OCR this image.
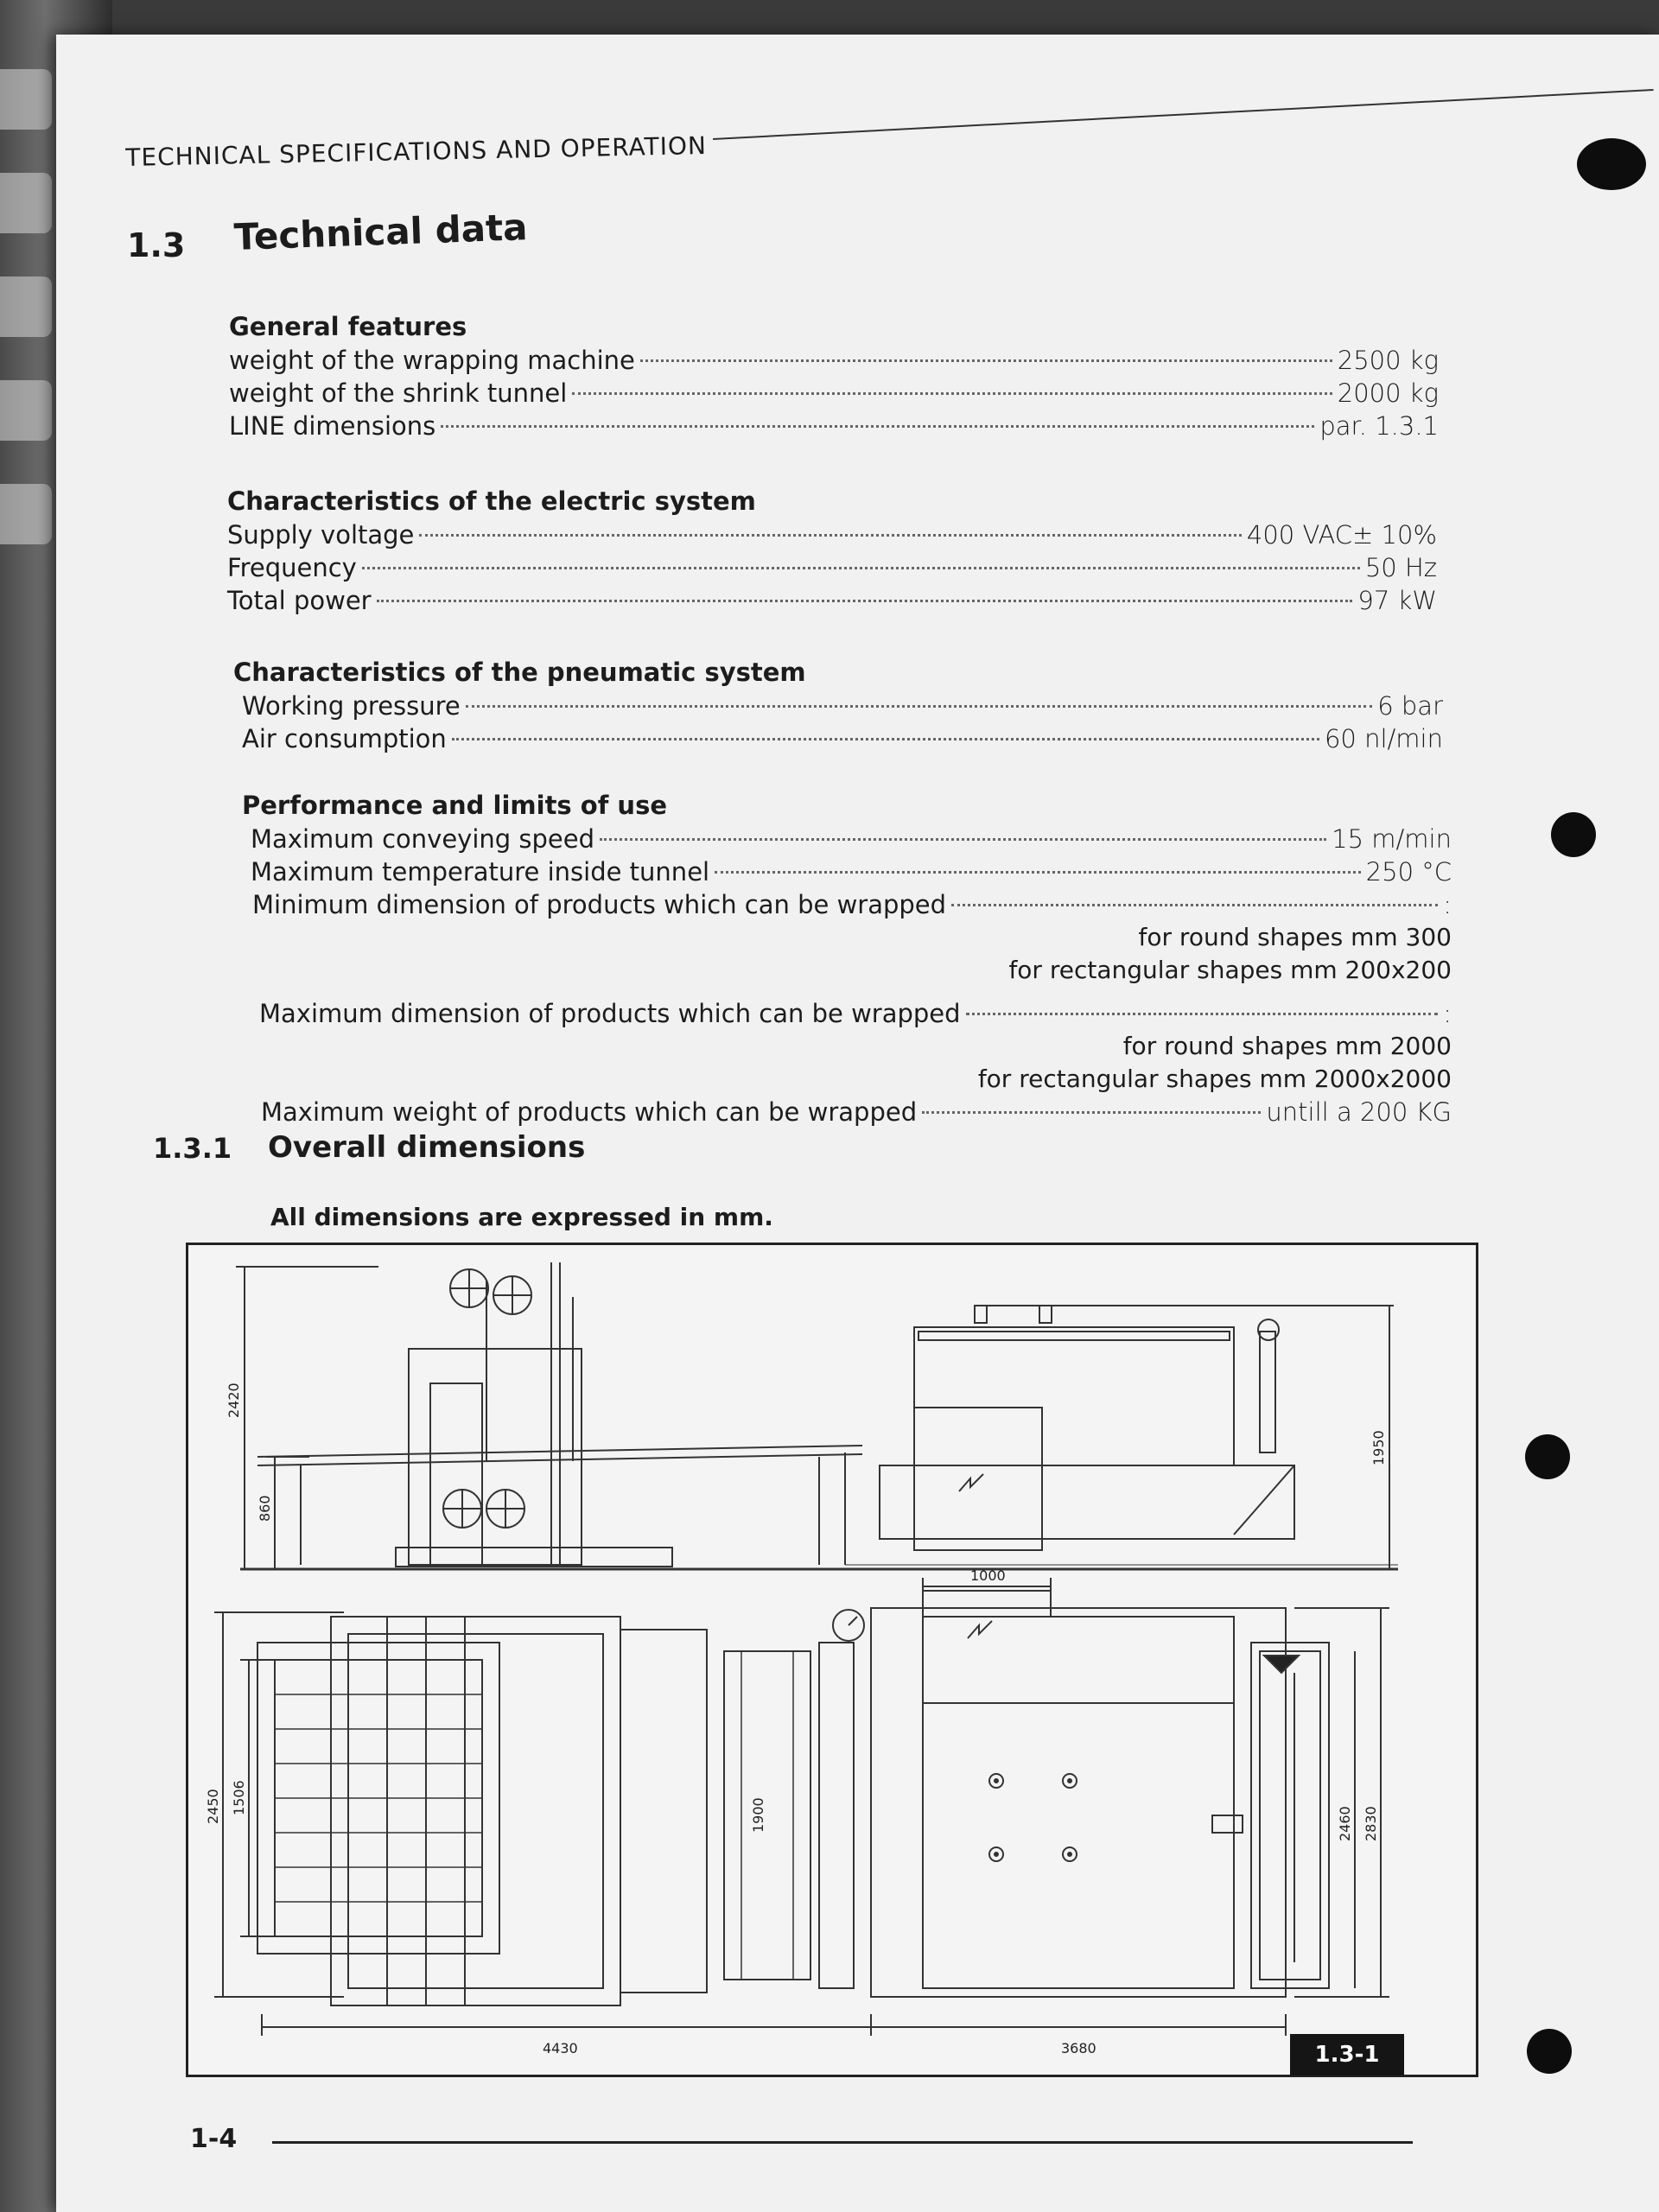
TECHNICAL SPECIFICATIONS AND OPERATION
1.3 Technical data
General features
weight of the wrapping machine	2500 kg
weight of the shrink tunnel	2000 kg
LINE dimensions	par. 1.3.1
Characteristics of the electric system
Supply voltage	400 VAC± 10%
Frequency	50 Hz
Total power	97 kW
Characteristics of the pneumatic system
Working pressure	6 bar
Air consumption	60 nl/min
Performance and limits of use
Maximum conveying speed	15 m/min
Maximum temperature inside tunnel	250 °C
Minimum dimension of products which can be wrapped	:
for round shapes mm 300
for rectangular shapes mm 200x200
Maximum dimension of products which can be wrapped	:
for round shapes mm 2000
for rectangular shapes mm 2000x2000
Maximum weight of products which can be wrapped	untill a 200 KG
1.3.1 Overall dimensions
All dimensions are expressed in mm.
2420
860
1950
1000
2450 1506	1900	2460 2830
4430	3680	1.3-1
1-4
